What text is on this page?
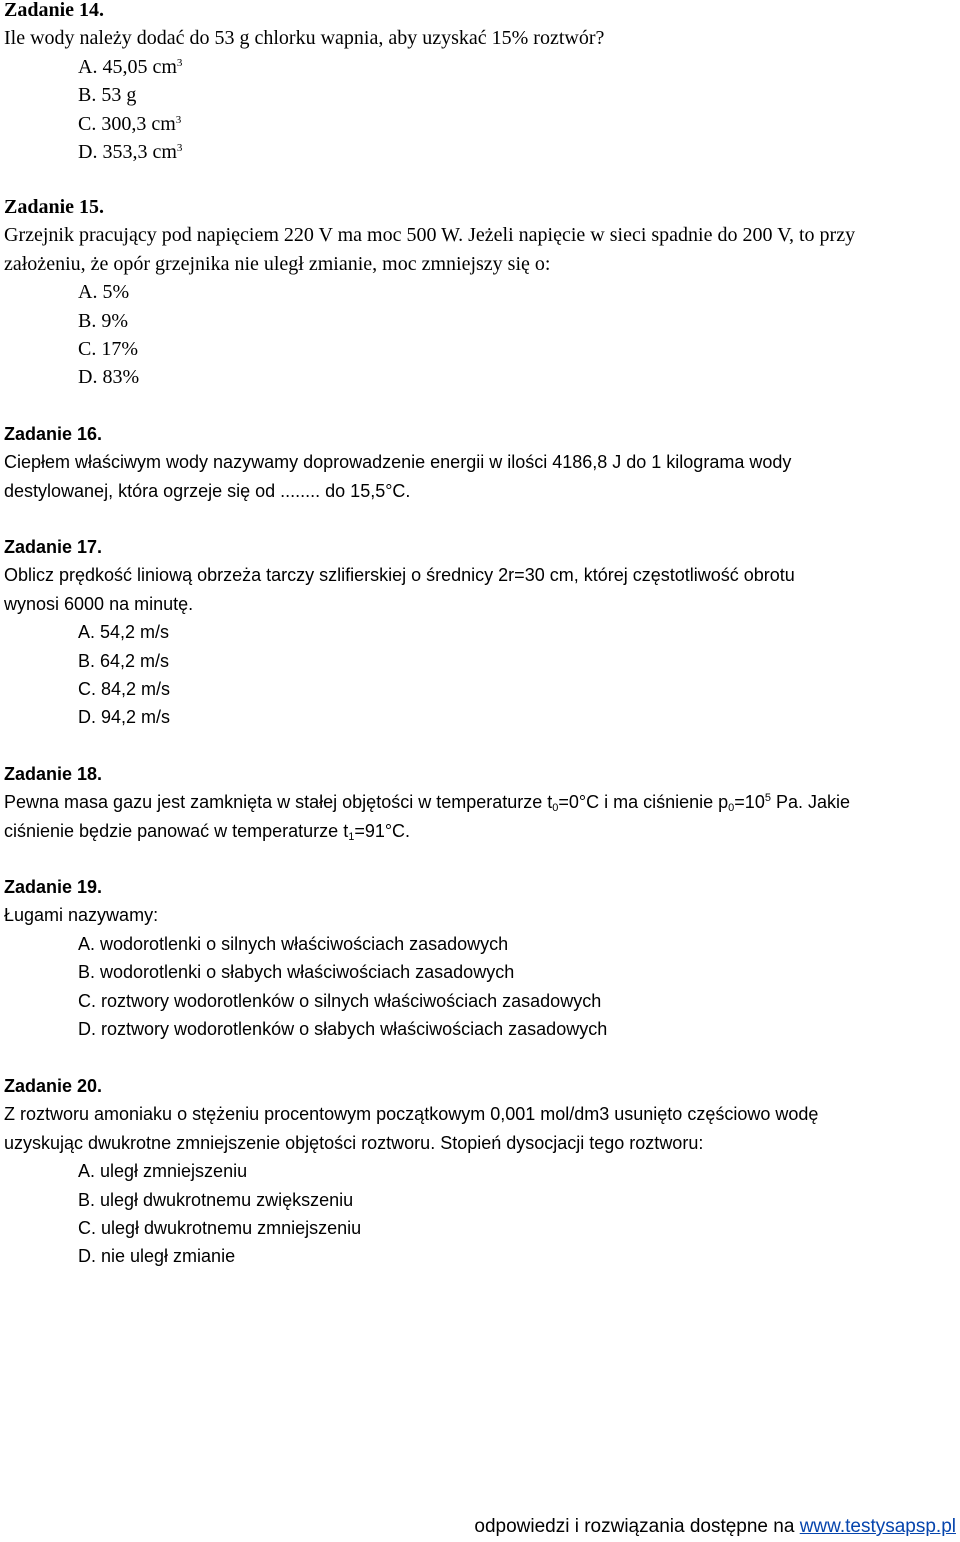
Zadanie 14.
Ile wody należy dodać do 53 g chlorku wapnia, aby uzyskać 15% roztwór?
A. 45,05 $cm^3$
B. 53 g
C. 300,3 $cm^3$
D. 353,3 $cm^3$
Zadanie 15.
Grzejnik pracujący pod napięciem 220 V ma moc 500 W. Jeżeli napięcie w sieci spadnie do 200 V, to przy
założeniu, że opór grzejnika nie uległ zmianie, moc zmniejszy się o:
A. 5%
B. 9%
C. 17%
D. 83%
Zadanie 16.
Ciepłem właściwym wody nazywamy doprowadzenie energii w ilości 4186,8 J do 1 kilograma wody
destylowanej, która ogrzeje się od ........ do 15,5°C.
Zadanie 17.
Oblicz prędkość liniową obrzeża tarczy szlifierskiej o średnicy 2r=30 cm, której częstotliwość obrotu
wynosi 6000 na minutę.
A. 54,2 m/s
B. 64,2 m/s
C. 84,2 m/s
D. 94,2 m/s
Zadanie 18.
Pewna masa gazu jest zamknięta w stałej objętości w temperaturze $t_0=0^\circ C$ i ma ciśnienie $p_0=10^5$ Pa. Jakie
ciśnienie będzie panować w temperaturze $t_1=91^\circ C$.
Zadanie 19.
Ługami nazywamy:
A. wodorotlenki o silnych właściwościach zasadowych
B. wodorotlenki o słabych właściwościach zasadowych
C. roztwory wodorotlenków o silnych właściwościach zasadowych
D. roztwory wodorotlenków o słabych właściwościach zasadowych
Zadanie 20.
Z roztworu amoniaku o stężeniu procentowym początkowym 0,001 mol/dm3 usunięto częściowo wodę
uzyskując dwukrotne zmniejszenie objętości roztworu. Stopień dysocjacji tego roztworu:
A. uległ zmniejszeniu
B. uległ dwukrotnemu zwiększeniu
C. uległ dwukrotnemu zmniejszeniu
D. nie uległ zmianie
odpowiedzi i rozwiązania dostępne na www.testysapsp.pl
